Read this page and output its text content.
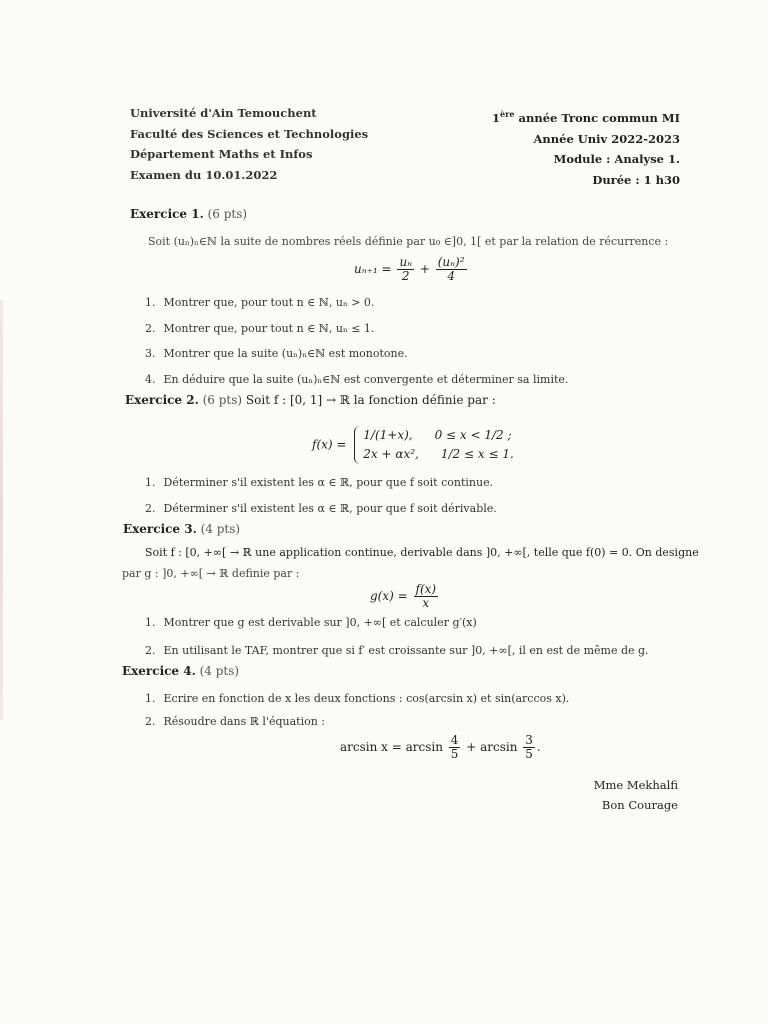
Université d'Ain Temouchent
Faculté des Sciences et Technologies
Département Maths et Infos
Examen du 10.01.2022
1ère année Tronc commun MI
Année Univ 2022-2023
Module : Analyse 1.
Durée : 1 h30
Exercice 1. (6 pts)
Soit (uₙ)ₙ∈ℕ la suite de nombres réels définie par u₀ ∈]0, 1[ et par la relation de récurrence :
$u_{n+1} = \frac{\text{uₙ}}{2} + \frac{\text{(uₙ)²}}{4}$
1. Montrer que, pour tout n ∈ ℕ, uₙ > 0.
2. Montrer que, pour tout n ∈ ℕ, uₙ ≤ 1.
3. Montrer que la suite (uₙ)ₙ∈ℕ est monotone.
4. En déduire que la suite (uₙ)ₙ∈ℕ est convergente et déterminer sa limite.
Exercice 2. (6 pts) Soit f : [0, 1] → ℝ la fonction définie par :
f(x) =
1/(1+x), 0 ≤ x < 1/2 ;
2x + αx², 1/2 ≤ x ≤ 1.
1. Déterminer s'il existent les α ∈ ℝ, pour que f soit continue.
2. Déterminer s'il existent les α ∈ ℝ, pour que f soit dérivable.
Exercice 3. (4 pts)
Soit f : [0, +∞[ → ℝ une application continue, derivable dans ]0, +∞[, telle que f(0) = 0. On designe
par g : ]0, +∞[ → ℝ definie par :
$g(x) = \frac{f(x)}{x}$
1. Montrer que g est derivable sur ]0, +∞[ et calculer g′(x)
2. En utilisant le TAF, montrer que si f′ est croissante sur ]0, +∞[, il en est de même de g.
Exercice 4. (4 pts)
1. Ecrire en fonction de x les deux fonctions : cos(arcsin x) et sin(arccos x).
2. Résoudre dans ℝ l'équation :
$\arcsin x = \arcsin \frac{4}{5} + \arcsin \frac{3}{5}$ .
Mme Mekhalfi
Bon Courage
